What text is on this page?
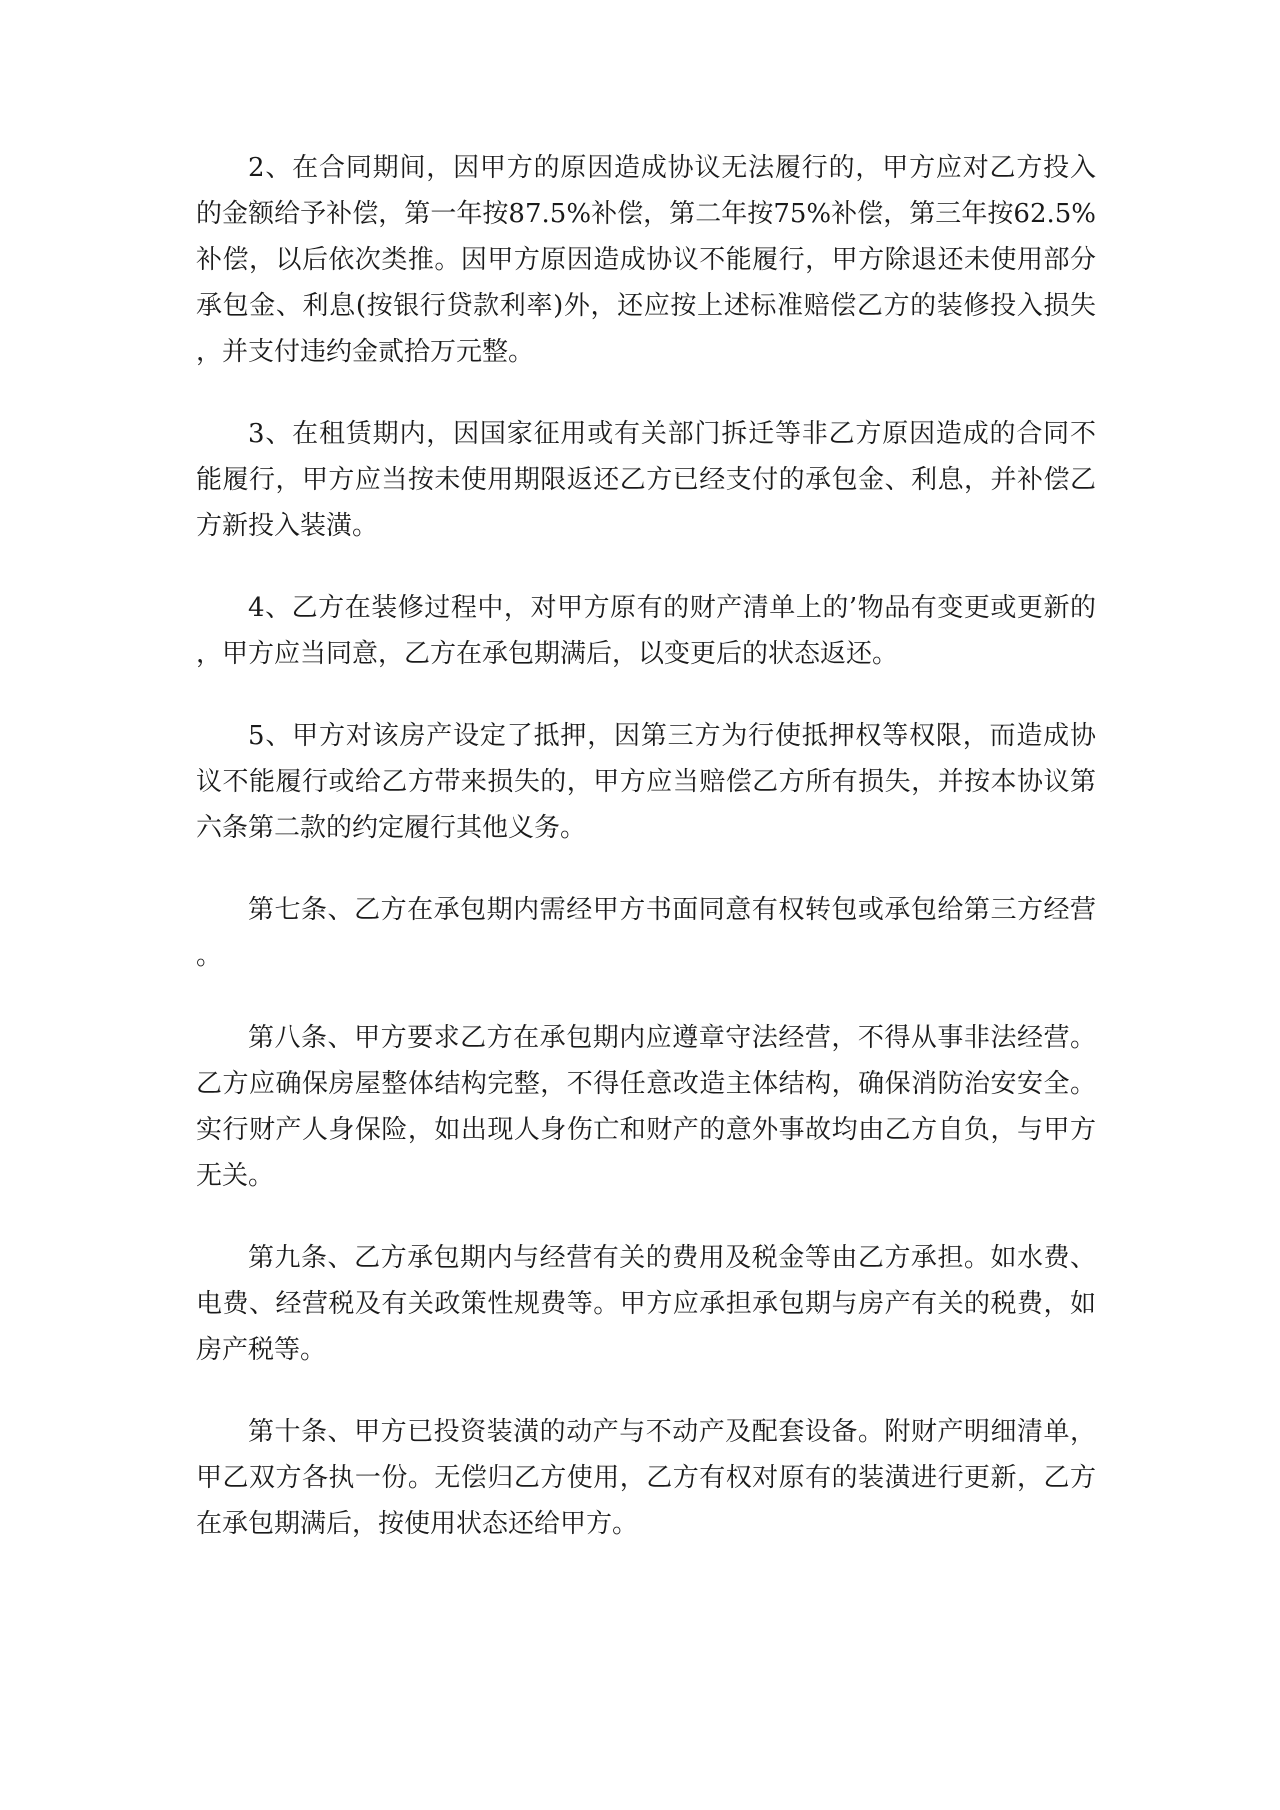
2、在合同期间，因甲方的原因造成协议无法履行的，甲方应对乙方投入的金额给予补偿，第一年按87.5%补偿，第二年按75%补偿，第三年按62.5%补偿，以后依次类推。因甲方原因造成协议不能履行，甲方除退还未使用部分承包金、利息(按银行贷款利率)外，还应按上述标准赔偿乙方的装修投入损失，并支付违约金贰拾万元整。

3、在租赁期内，因国家征用或有关部门拆迁等非乙方原因造成的合同不能履行，甲方应当按未使用期限返还乙方已经支付的承包金、利息，并补偿乙方新投入装潢。

4、乙方在装修过程中，对甲方原有的财产清单上的’物品有变更或更新的，甲方应当同意，乙方在承包期满后，以变更后的状态返还。

5、甲方对该房产设定了抵押，因第三方为行使抵押权等权限，而造成协议不能履行或给乙方带来损失的，甲方应当赔偿乙方所有损失，并按本协议第六条第二款的约定履行其他义务。

第七条、乙方在承包期内需经甲方书面同意有权转包或承包给第三方经营。

第八条、甲方要求乙方在承包期内应遵章守法经营，不得从事非法经营。乙方应确保房屋整体结构完整，不得任意改造主体结构，确保消防治安安全。实行财产人身保险，如出现人身伤亡和财产的意外事故均由乙方自负，与甲方无关。

第九条、乙方承包期内与经营有关的费用及税金等由乙方承担。如水费、电费、经营税及有关政策性规费等。甲方应承担承包期与房产有关的税费，如房产税等。

第十条、甲方已投资装潢的动产与不动产及配套设备。附财产明细清单，甲乙双方各执一份。无偿归乙方使用，乙方有权对原有的装潢进行更新，乙方在承包期满后，按使用状态还给甲方。
